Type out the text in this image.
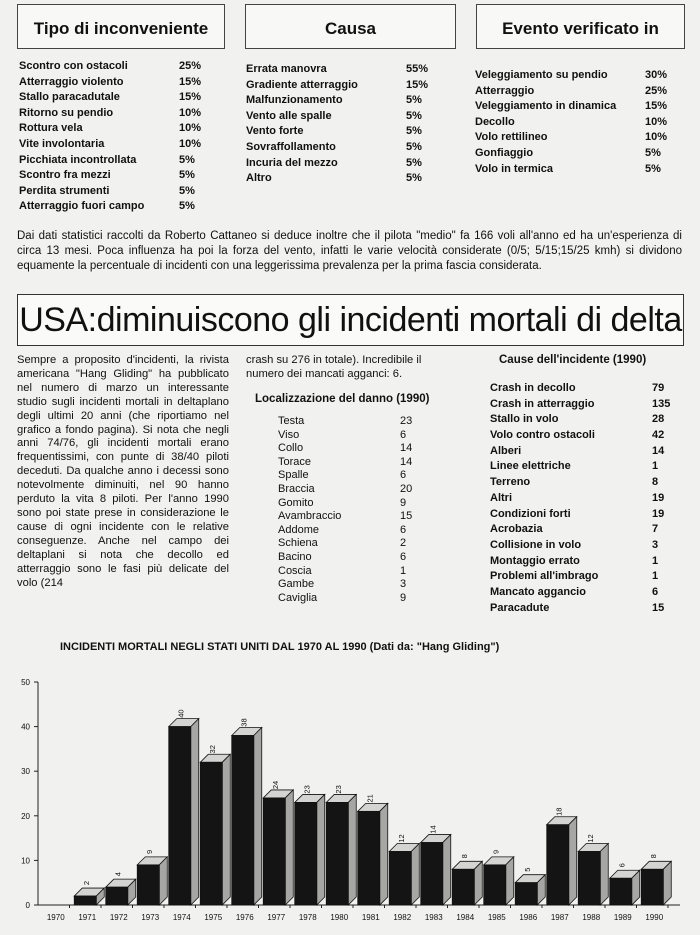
Tipo di inconveniente
Scontro con ostacoli	25%
Atterraggio violento	15%
Stallo paracadutale	15%
Ritorno su pendio	10%
Rottura vela	10%
Vite involontaria	10%
Picchiata incontrollata	5%
Scontro fra mezzi	5%
Perdita strumenti	5%
Atterraggio fuori campo	5%
Causa
Errata manovra	55%
Gradiente atterraggio	15%
Malfunzionamento	5%
Vento alle spalle	5%
Vento forte	5%
Sovraffollamento	5%
Incuria del mezzo	5%
Altro	5%
Evento verificato in
Veleggiamento su pendio	30%
Atterraggio	25%
Veleggiamento in dinamica	15%
Decollo	10%
Volo rettilineo	10%
Gonfiaggio	5%
Volo in termica	5%
Dai dati statistici raccolti da Roberto Cattaneo si deduce inoltre che il pilota "medio" fa 166 voli all'anno ed ha un'esperienza di circa 13 mesi. Poca influenza ha poi la forza del vento, infatti le varie velocità considerate (0/5; 5/15;15/25 kmh) si dividono equamente la percentuale di incidenti con una leggerissima prevalenza per la prima fascia considerata.
USA:diminuiscono gli incidenti mortali di delta
Sempre a proposito d'incidenti, la rivista americana "Hang Gliding" ha pubblicato nel numero di marzo un interessante studio sugli incidenti mortali in deltaplano degli ultimi 20 anni (che riportiamo nel grafico a fondo pagina). Si nota che negli anni 74/76, gli incidenti mortali erano frequentissimi, con punte di 38/40 piloti deceduti. Da qualche anno i decessi sono notevolmente diminuiti, nel 90 hanno perduto la vita 8 piloti. Per l'anno 1990 sono poi state prese in considerazione le cause di ogni incidente con le relative conseguenze. Anche nel campo dei deltaplani si nota che decollo ed atterraggio sono le fasi più delicate del volo (214
crash su 276 in totale). Incredibile il numero dei mancati agganci: 6.
Localizzazione del danno (1990)
Testa	23
Viso	6
Collo	14
Torace	14
Spalle	6
Braccia	20
Gomito	9
Avambraccio	15
Addome	6
Schiena	2
Bacino	6
Coscia	1
Gambe	3
Caviglia	9
Cause dell'incidente (1990)
Crash in decollo	79
Crash in atterraggio	135
Stallo in volo	28
Volo contro ostacoli	42
Alberi	14
Linee elettriche	1
Terreno	8
Altri	19
Condizioni forti	19
Acrobazia	7
Collisione in volo	3
Montaggio errato	1
Problemi all'imbrago	1
Mancato aggancio	6
Paracadute	15
INCIDENTI MORTALI NEGLI STATI UNITI DAL 1970 AL 1990 (Dati da: "Hang Gliding")
0
10
20
30
40
50
1970 1971
2
1972
4
1973
9
1974
40
1975
32
1976
38
1977
24
1978
23
1980
23
1981
21
1982
12
1983
14
1984
8
1985
9
1986
5
1987
18
1988
12
1989
6
1990
8
